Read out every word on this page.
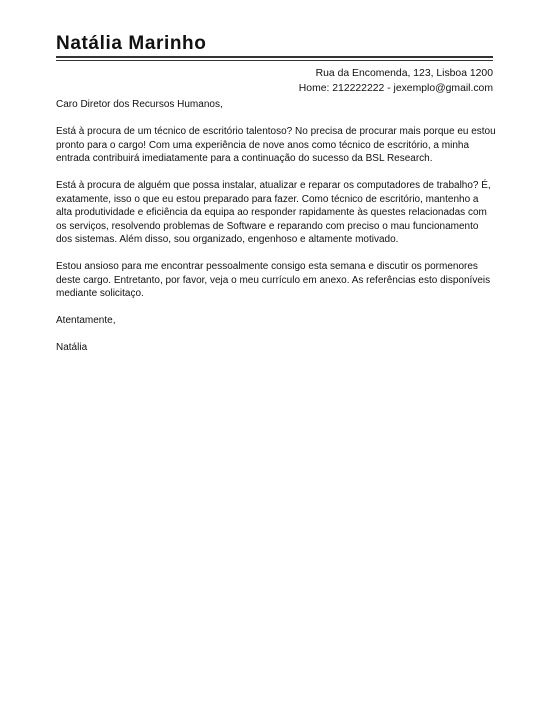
Natália Marinho
Rua da Encomenda, 123, Lisboa 1200
Home: 212222222 - jexemplo@gmail.com

Caro Diretor dos Recursos Humanos,

Está à procura de um técnico de escritório talentoso? No precisa de procurar mais porque eu estou pronto para o cargo! Com uma experiência de nove anos como técnico de escritório, a minha entrada contribuirá imediatamente para a continuação do sucesso da BSL Research.

Está à procura de alguém que possa instalar, atualizar e reparar os computadores de trabalho? É, exatamente, isso o que eu estou preparado para fazer. Como técnico de escritório, mantenho a alta produtividade e eficiência da equipa ao responder rapidamente às questes relacionadas com os serviços, resolvendo problemas de Software e reparando com preciso o mau funcionamento dos sistemas. Além disso, sou organizado, engenhoso e altamente motivado.

Estou ansioso para me encontrar pessoalmente consigo esta semana e discutir os pormenores deste cargo. Entretanto, por favor, veja o meu currículo em anexo. As referências esto disponíveis mediante solicitaço.

Atentamente,

Natália
